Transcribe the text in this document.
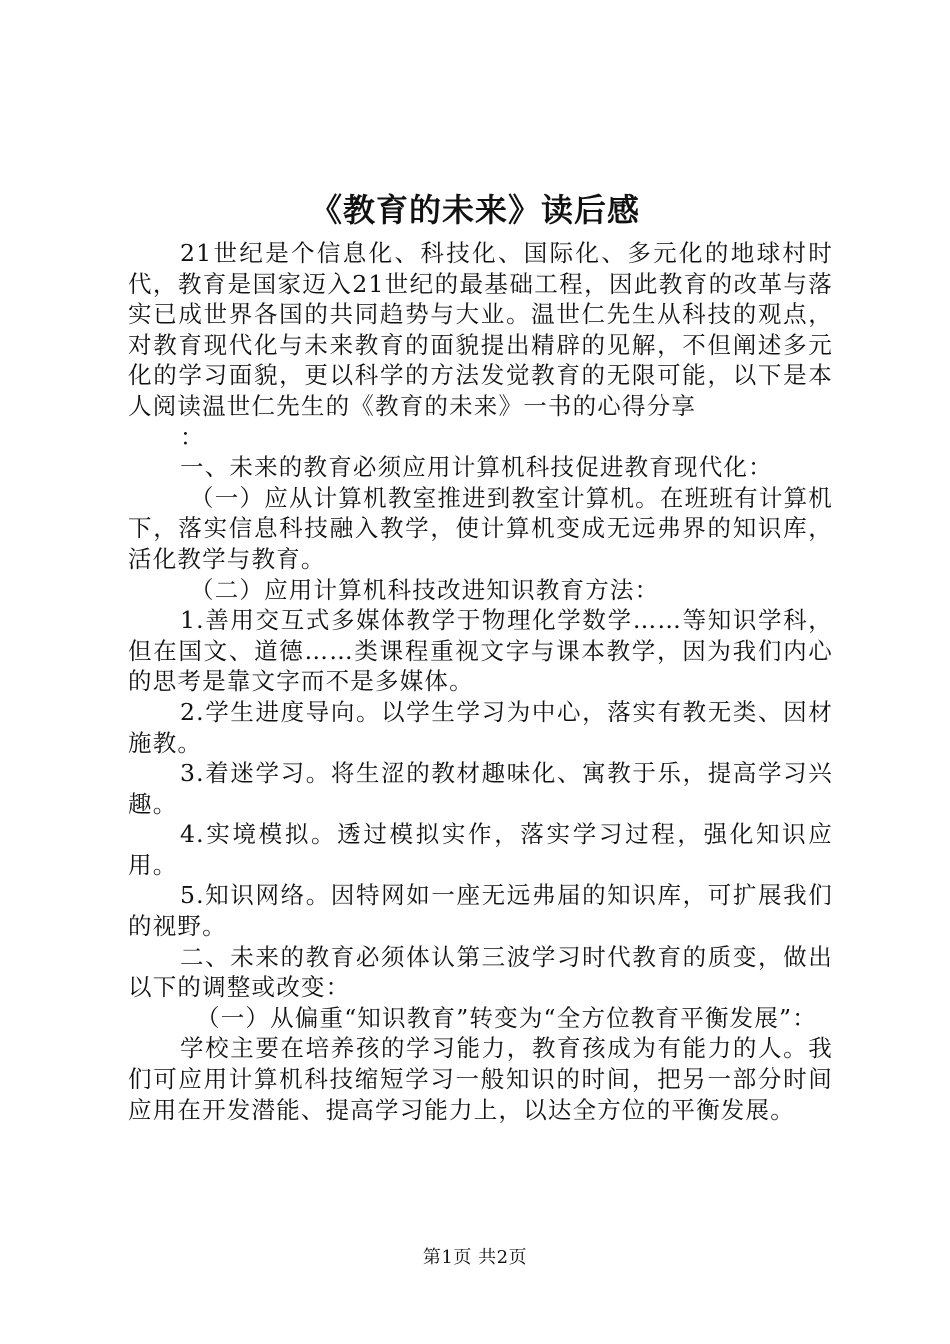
《教育的未来》读后感

21世纪是个信息化、科技化、国际化、多元化的地球村时代，教育是国家迈入21世纪的最基础工程，因此教育的改革与落实已成世界各国的共同趋势与大业。温世仁先生从科技的观点，对教育现代化与未来教育的面貌提出精辟的见解，不但阐述多元化的学习面貌，更以科学的方法发觉教育的无限可能，以下是本人阅读温世仁先生的《教育的未来》一书的心得分享

：

一、未来的教育必须应用计算机科技促进教育现代化：

（一）应从计算机教室推进到教室计算机。在班班有计算机下，落实信息科技融入教学，使计算机变成无远弗界的知识库，活化教学与教育。

（二）应用计算机科技改进知识教育方法：

1.善用交互式多媒体教学于物理化学数学……等知识学科，但在国文、道德……类课程重视文字与课本教学，因为我们内心的思考是靠文字而不是多媒体。

2.学生进度导向。以学生学习为中心，落实有教无类、因材施教。

3.着迷学习。将生涩的教材趣味化、寓教于乐，提高学习兴趣。

4.实境模拟。透过模拟实作，落实学习过程，强化知识应用。

5.知识网络。因特网如一座无远弗届的知识库，可扩展我们的视野。

二、未来的教育必须体认第三波学习时代教育的质变，做出以下的调整或改变：

（一）从偏重“知识教育”转变为“全方位教育平衡发展”：

学校主要在培养孩的学习能力，教育孩成为有能力的人。我们可应用计算机科技缩短学习一般知识的时间，把另一部分时间应用在开发潜能、提高学习能力上，以达全方位的平衡发展。

第1页 共2页
